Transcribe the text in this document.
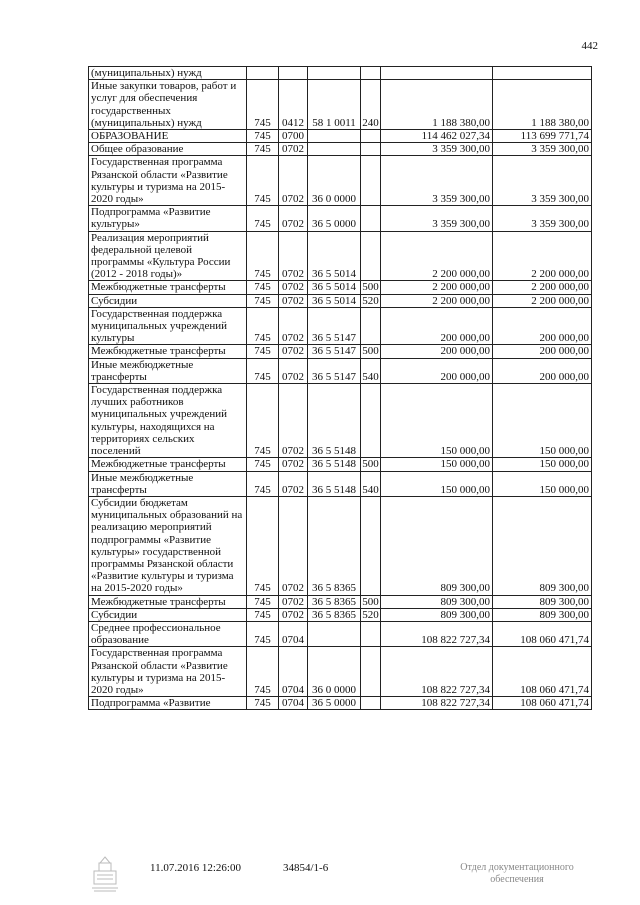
442
(муниципальных) нужд						
Иные закупки товаров, работ и услуг для обеспечения государственных (муниципальных) нужд	745	0412	58 1 0011	240	1 188 380,00	1 188 380,00
ОБРАЗОВАНИЕ	745	0700			114 462 027,34	113 699 771,74
Общее образование	745	0702			3 359 300,00	3 359 300,00
Государственная программа Рязанской области «Развитие культуры и туризма на 2015-2020 годы»	745	0702	36 0 0000		3 359 300,00	3 359 300,00
Подпрограмма «Развитие культуры»	745	0702	36 5 0000		3 359 300,00	3 359 300,00
Реализация мероприятий федеральной целевой программы «Культура России (2012 - 2018 годы)»	745	0702	36 5 5014		2 200 000,00	2 200 000,00
Межбюджетные трансферты	745	0702	36 5 5014	500	2 200 000,00	2 200 000,00
Субсидии	745	0702	36 5 5014	520	2 200 000,00	2 200 000,00
Государственная поддержка муниципальных учреждений культуры	745	0702	36 5 5147		200 000,00	200 000,00
Межбюджетные трансферты	745	0702	36 5 5147	500	200 000,00	200 000,00
Иные межбюджетные трансферты	745	0702	36 5 5147	540	200 000,00	200 000,00
Государственная поддержка лучших работников муниципальных учреждений культуры, находящихся на территориях сельских поселений	745	0702	36 5 5148		150 000,00	150 000,00
Межбюджетные трансферты	745	0702	36 5 5148	500	150 000,00	150 000,00
Иные межбюджетные трансферты	745	0702	36 5 5148	540	150 000,00	150 000,00
Субсидии бюджетам муниципальных образований на реализацию мероприятий подпрограммы «Развитие культуры» государственной программы Рязанской области «Развитие культуры и туризма на 2015-2020 годы»	745	0702	36 5 8365		809 300,00	809 300,00
Межбюджетные трансферты	745	0702	36 5 8365	500	809 300,00	809 300,00
Субсидии	745	0702	36 5 8365	520	809 300,00	809 300,00
Среднее профессиональное образование	745	0704			108 822 727,34	108 060 471,74
Государственная программа Рязанской области «Развитие культуры и туризма на 2015-2020 годы»	745	0704	36 0 0000		108 822 727,34	108 060 471,74
Подпрограмма «Развитие	745	0704	36 5 0000		108 822 727,34	108 060 471,74
11.07.2016 12:26:00	34854/1-6	Отдел документационного
обеспечения
